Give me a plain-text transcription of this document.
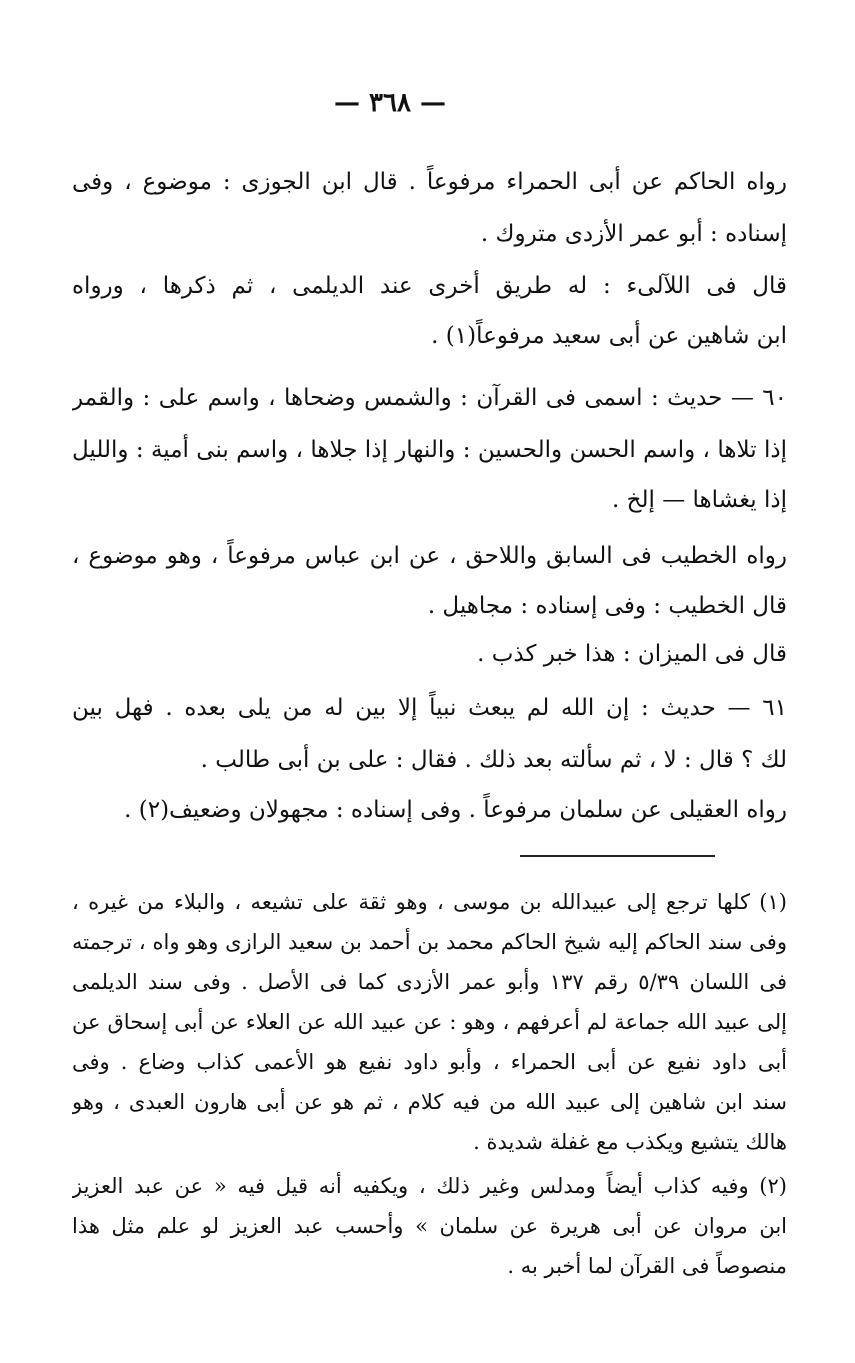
— ٣٦٨ —
رواه الحاكم عن أبى الحمراء مرفوعاً . قال ابن الجوزى : موضوع ، وفى
إسناده : أبو عمر الأزدى متروك .
قال فى اللآلىء : له طريق أخرى عند الديلمى ، ثم ذكرها ، ورواه
ابن شاهين عن أبى سعيد مرفوعاً(١) .
٦٠ — حديث : اسمى فى القرآن : والشمس وضحاها ، واسم على : والقمر
إذا تلاها ، واسم الحسن والحسين : والنهار إذا جلاها ، واسم بنى أمية : والليل
إذا يغشاها — إلخ .
رواه الخطيب فى السابق واللاحق ، عن ابن عباس مرفوعاً ، وهو موضوع ،
قال الخطيب : وفى إسناده : مجاهيل .
قال فى الميزان : هذا خبر كذب .
٦١ — حديث : إن الله لم يبعث نبياً إلا بين له من يلى بعده . فهل بين
لك ؟ قال : لا ، ثم سألته بعد ذلك . فقال : على بن أبى طالب .
رواه العقيلى عن سلمان مرفوعاً . وفى إسناده : مجهولان وضعيف(٢) .
(١) كلها ترجع إلى عبيدالله بن موسى ، وهو ثقة على تشيعه ، والبلاء من غيره ،
وفى سند الحاكم إليه شيخ الحاكم محمد بن أحمد بن سعيد الرازى وهو واه ، ترجمته
فى اللسان ٥/٣٩ رقم ١٣٧ وأبو عمر الأزدى كما فى الأصل . وفى سند الديلمى
إلى عبيد الله جماعة لم أعرفهم ، وهو : عن عبيد الله عن العلاء عن أبى إسحاق عن
أبى داود نفيع عن أبى الحمراء ، وأبو داود نفيع هو الأعمى كذاب وضاع . وفى
سند ابن شاهين إلى عبيد الله من فيه كلام ، ثم هو عن أبى هارون العبدى ، وهو
هالك يتشيع ويكذب مع غفلة شديدة .
(٢) وفيه كذاب أيضاً ومدلس وغير ذلك ، ويكفيه أنه قيل فيه « عن عبد العزيز
ابن مروان عن أبى هريرة عن سلمان » وأحسب عبد العزيز لو علم مثل هذا
منصوصاً فى القرآن لما أخبر به .
